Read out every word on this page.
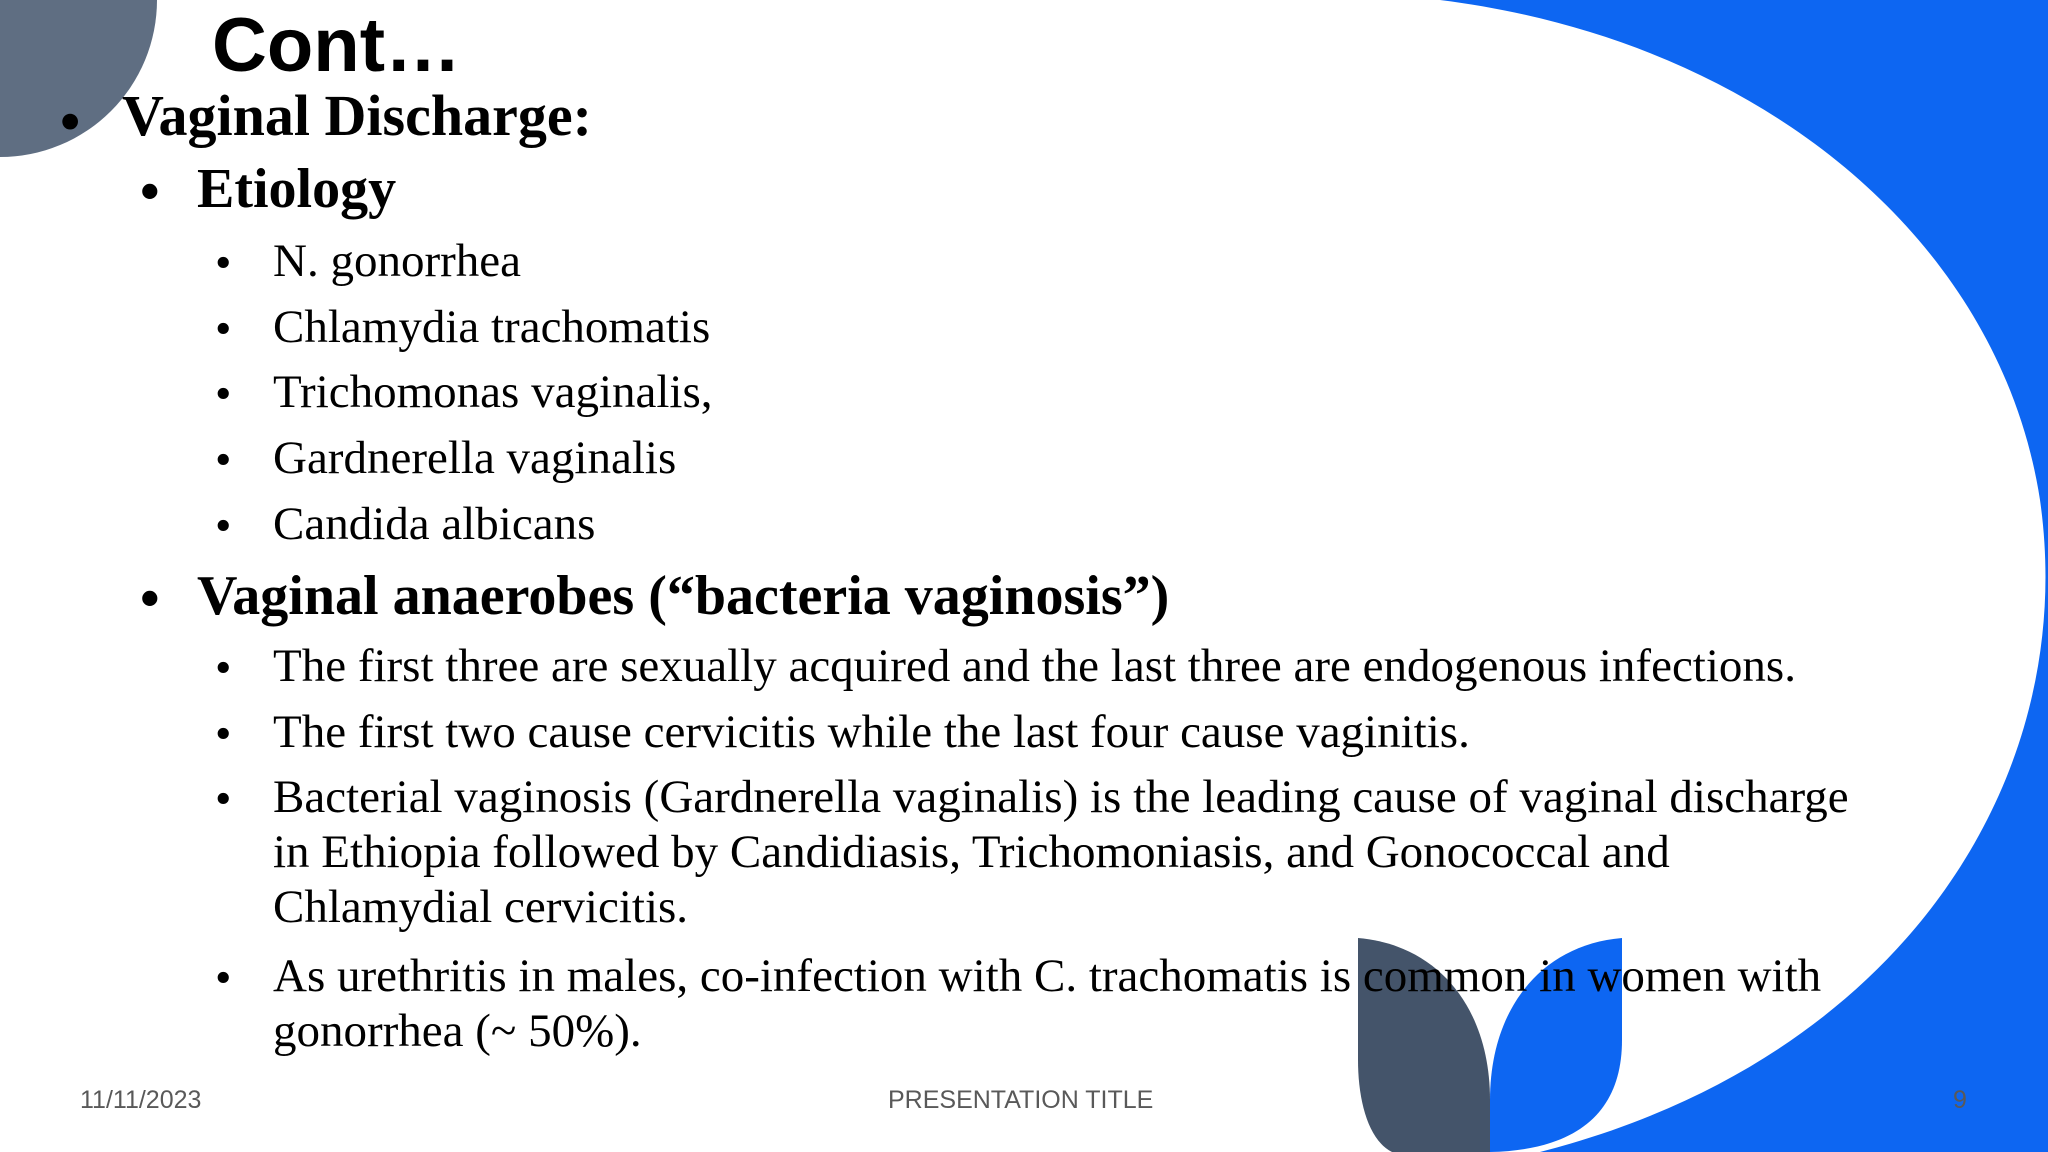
Cont…
• Vaginal Discharge:
• Etiology
• N. gonorrhea
• Chlamydia trachomatis
• Trichomonas vaginalis,
• Gardnerella vaginalis
• Candida albicans
• Vaginal anaerobes (“bacteria vaginosis”)
• The first three are sexually acquired and the last three are endogenous infections.
• The first two cause cervicitis while the last four cause vaginitis.
• Bacterial vaginosis (Gardnerella vaginalis) is the leading cause of vaginal discharge
in Ethiopia followed by Candidiasis, Trichomoniasis, and Gonococcal and
Chlamydial cervicitis.
• As urethritis in males, co-infection with C. trachomatis is common in women with
gonorrhea (~ 50%).
11/11/2023	PRESENTATION TITLE	9
